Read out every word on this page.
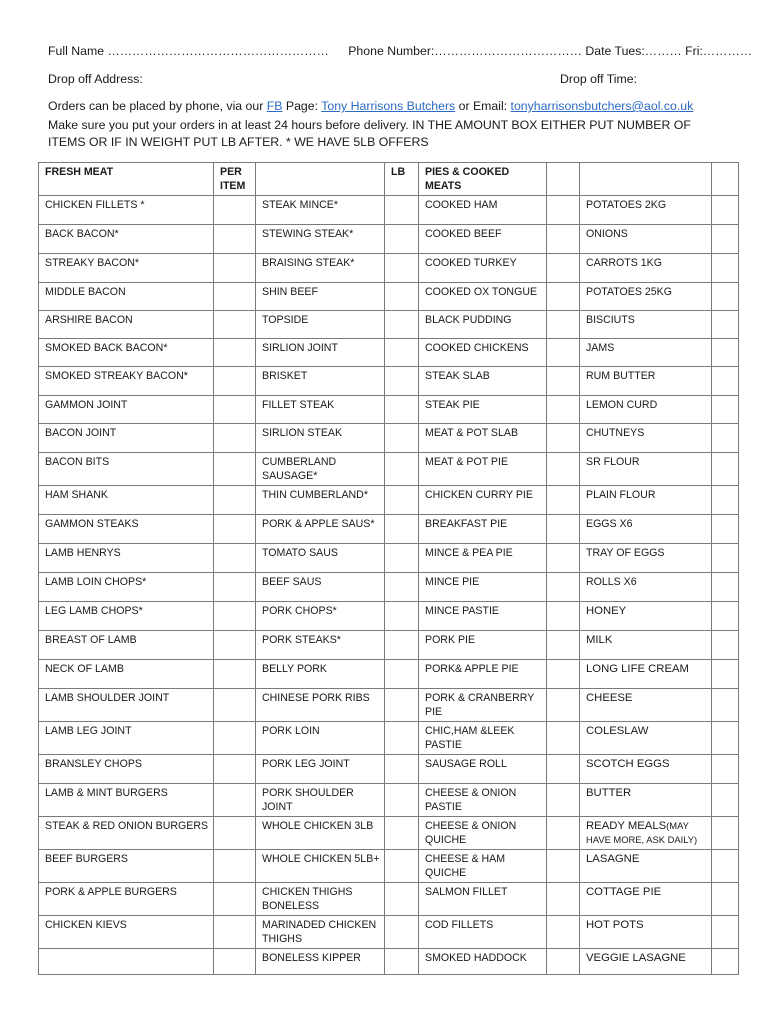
Full Name ……………………………………………… Phone Number:……………………………… Date Tues:……… Fri:…………
Drop off Address:	Drop off Time:
Orders can be placed by phone, via our FB Page: Tony Harrisons Butchers or Email: tonyharrisonsbutchers@aol.co.uk
Make sure you put your orders in at least 24 hours before delivery. IN THE AMOUNT BOX EITHER PUT NUMBER OF
ITEMS OR IF IN WEIGHT PUT LB AFTER. * WE HAVE 5LB OFFERS
FRESH MEAT	PER ITEM		LB	PIES & COOKED MEATS			
CHICKEN FILLETS *		STEAK MINCE*		COOKED HAM		POTATOES 2KG	
BACK BACON*		STEWING STEAK*		COOKED BEEF		ONIONS	
STREAKY BACON*		BRAISING STEAK*		COOKED TURKEY		CARROTS 1KG	
MIDDLE BACON		SHIN BEEF		COOKED OX TONGUE		POTATOES 25KG	
ARSHIRE BACON		TOPSIDE		BLACK PUDDING		BISCIUTS	
SMOKED BACK BACON*		SIRLION JOINT		COOKED CHICKENS		JAMS	
SMOKED STREAKY BACON*		BRISKET		STEAK SLAB		RUM BUTTER	
GAMMON JOINT		FILLET STEAK		STEAK PIE		LEMON CURD	
BACON JOINT		SIRLION STEAK		MEAT & POT SLAB		CHUTNEYS	
BACON BITS		CUMBERLAND SAUSAGE*		MEAT & POT PIE		SR FLOUR	
HAM SHANK		THIN CUMBERLAND*		CHICKEN CURRY PIE		PLAIN FLOUR	
GAMMON STEAKS		PORK & APPLE SAUS*		BREAKFAST PIE		EGGS X6	
LAMB HENRYS		TOMATO SAUS		MINCE & PEA PIE		TRAY OF EGGS	
LAMB LOIN CHOPS*		BEEF SAUS		MINCE PIE		ROLLS X6	
LEG LAMB CHOPS*		PORK CHOPS*		MINCE PASTIE		HONEY	
BREAST OF LAMB		PORK STEAKS*		PORK PIE		MILK	
NECK OF LAMB		BELLY PORK		PORK& APPLE PIE		LONG LIFE CREAM	
LAMB SHOULDER JOINT		CHINESE PORK RIBS		PORK & CRANBERRY PIE		CHEESE	
LAMB LEG JOINT		PORK LOIN		CHIC,HAM &LEEK PASTIE		COLESLAW	
BRANSLEY CHOPS		PORK LEG JOINT		SAUSAGE ROLL		SCOTCH EGGS	
LAMB & MINT BURGERS		PORK SHOULDER JOINT		CHEESE & ONION PASTIE		BUTTER	
STEAK & RED ONION BURGERS		WHOLE CHICKEN 3LB		CHEESE & ONION QUICHE		READY MEALS(MAY HAVE MORE, ASK DAILY)	
BEEF BURGERS		WHOLE CHICKEN 5LB+		CHEESE & HAM QUICHE		LASAGNE	
PORK & APPLE BURGERS		CHICKEN THIGHS BONELESS		SALMON FILLET		COTTAGE PIE	
CHICKEN KIEVS		MARINADED CHICKEN THIGHS		COD FILLETS		HOT POTS	
		BONELESS KIPPER		SMOKED HADDOCK		VEGGIE LASAGNE	
